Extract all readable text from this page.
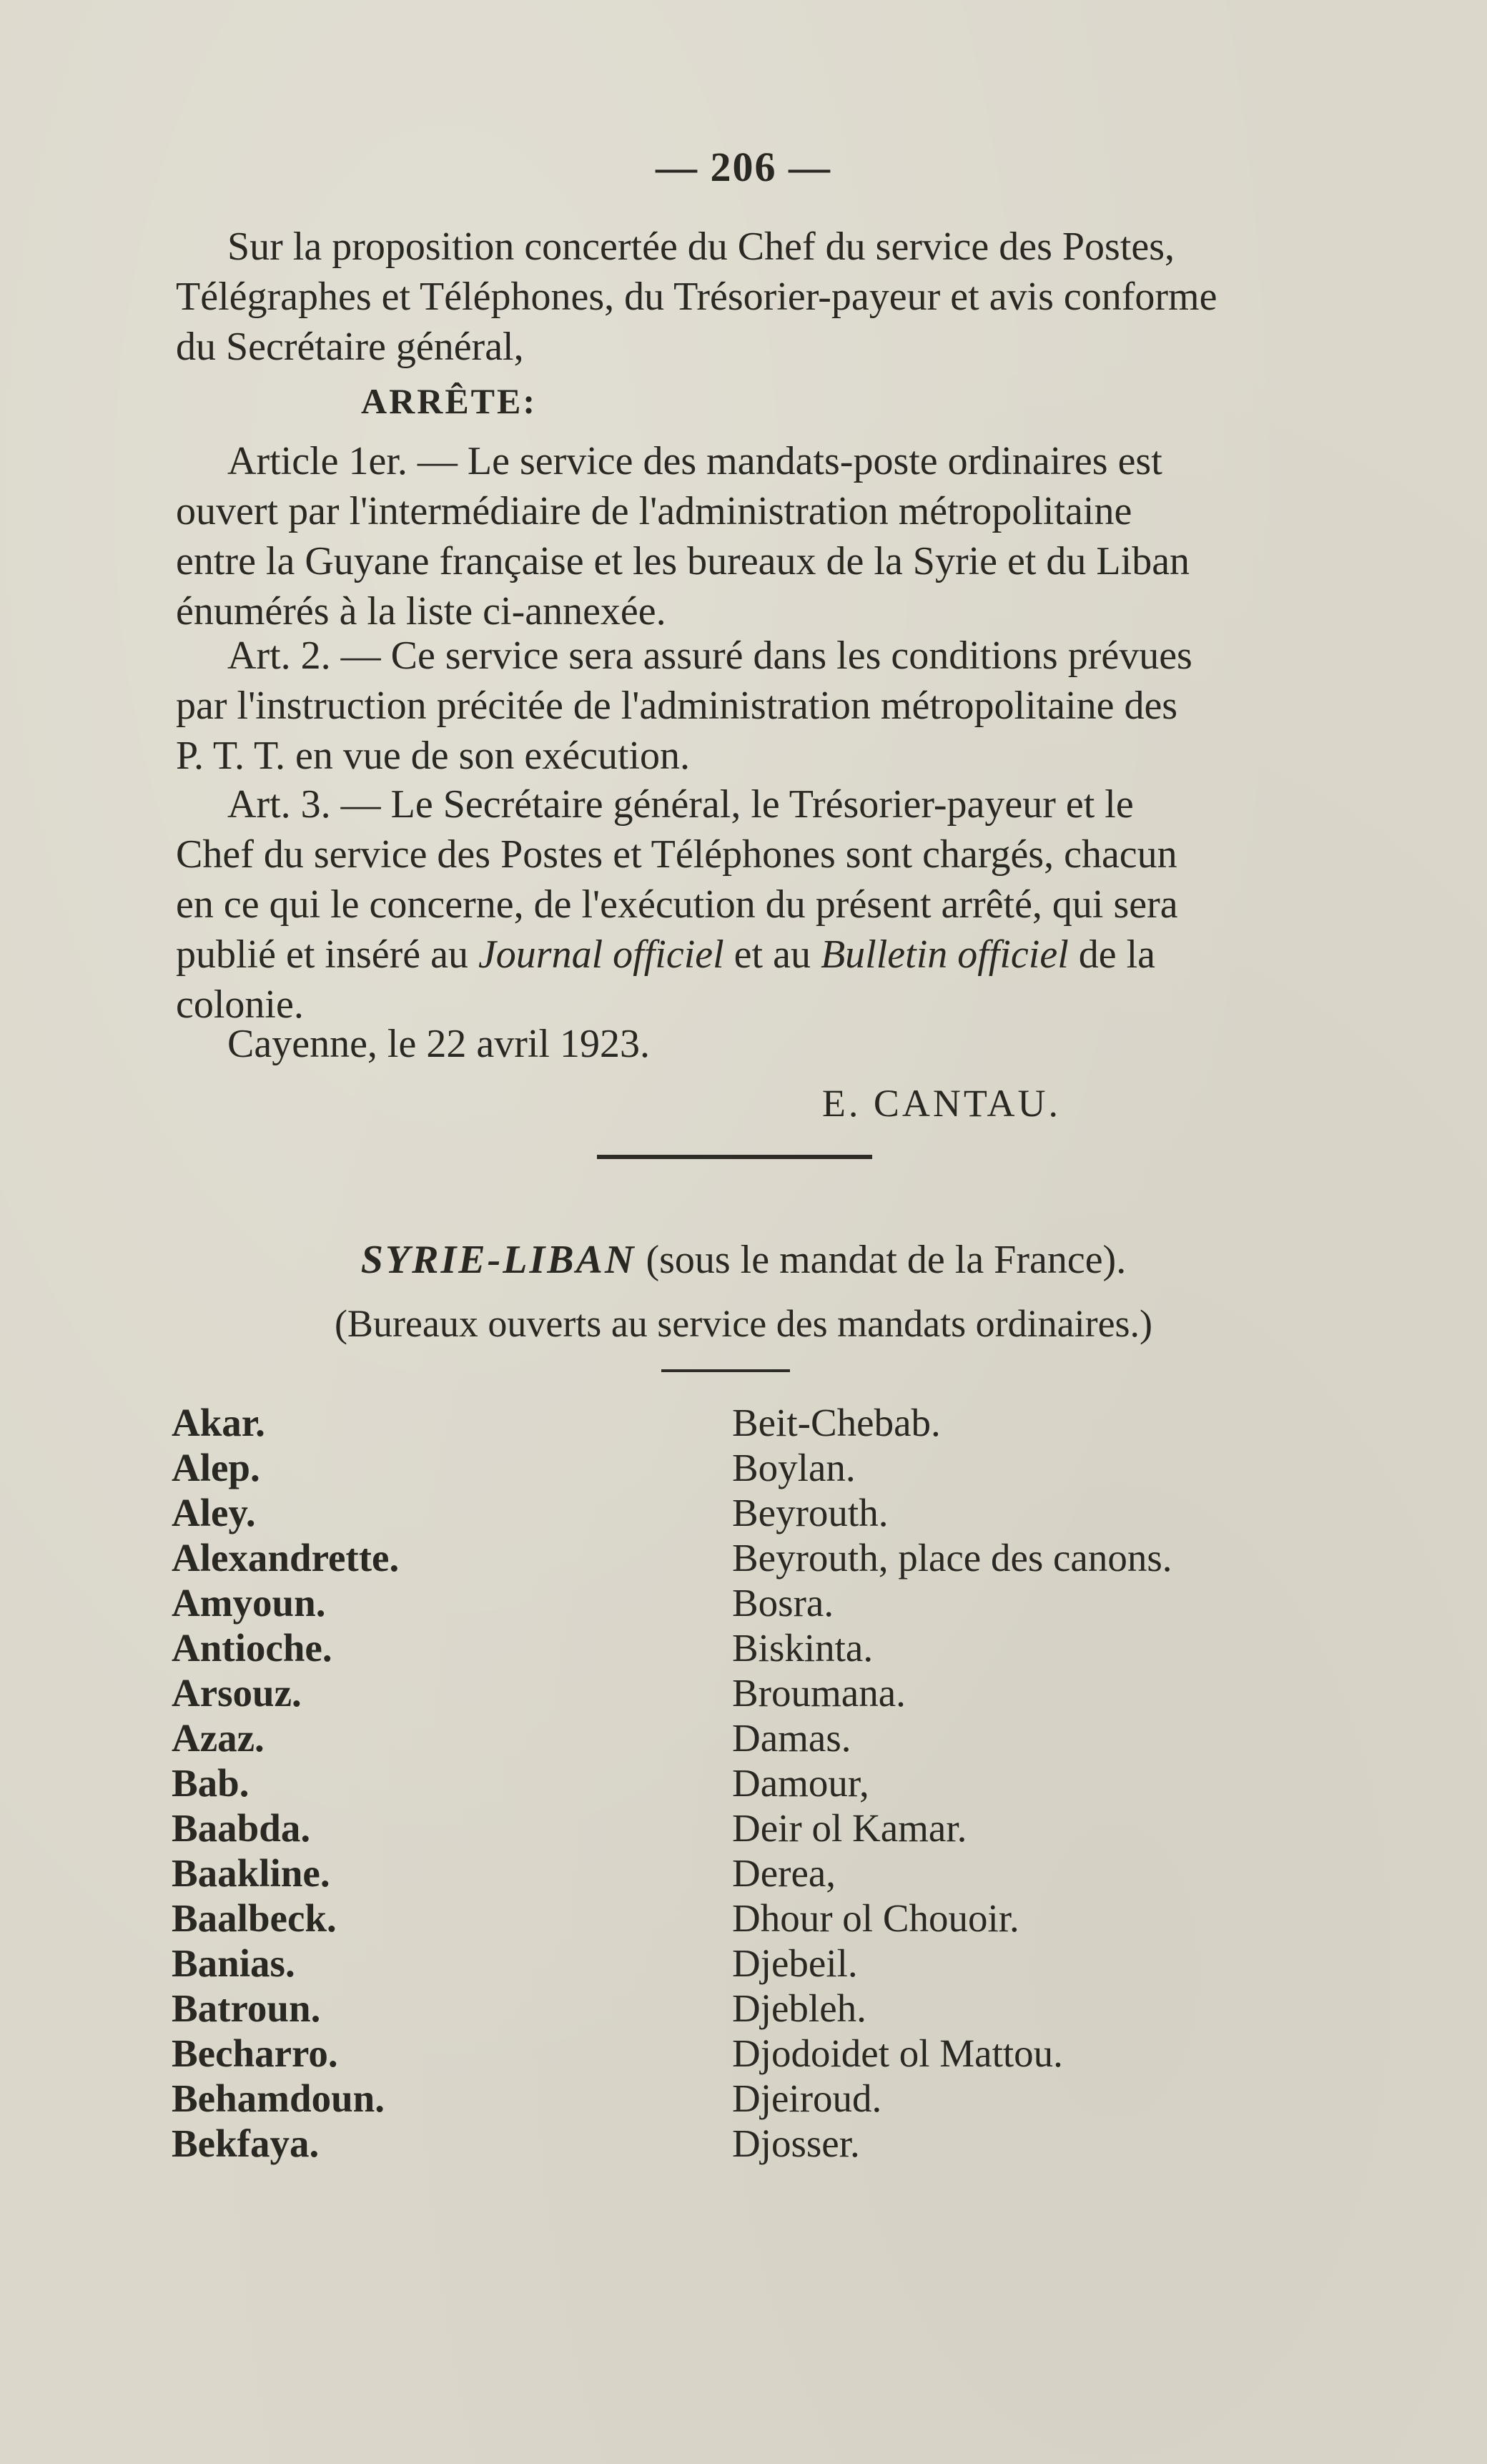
— 206 —

Sur la proposition concertée du Chef du service des Postes,
Télégraphes et Téléphones, du Trésorier-payeur et avis conforme
du Secrétaire général,

ARRÊTE:

Article 1er. — Le service des mandats-poste ordinaires est
ouvert par l'intermédiaire de l'administration métropolitaine
entre la Guyane française et les bureaux de la Syrie et du Liban
énumérés à la liste ci-annexée.

Art. 2. — Ce service sera assuré dans les conditions prévues
par l'instruction précitée de l'administration métropolitaine des
P. T. T. en vue de son exécution.

Art. 3. — Le Secrétaire général, le Trésorier-payeur et le
Chef du service des Postes et Téléphones sont chargés, chacun
en ce qui le concerne, de l'exécution du présent arrêté, qui sera
publié et inséré au Journal officiel et au Bulletin officiel de la
colonie.

Cayenne, le 22 avril 1923.

E. CANTAU.
SYRIE-LIBAN (sous le mandat de la France).
(Bureaux ouverts au service des mandats ordinaires.)
Akar.
Alep.
Aley.
Alexandrette.
Amyoun.
Antioche.
Arsouz.
Azaz.
Bab.
Baabda.
Baakline.
Baalbeck.
Banias.
Batroun.
Becharro.
Behamdoun.
Bekfaya.
Beit-Chebab.
Boylan.
Beyrouth.
Beyrouth, place des canons.
Bosra.
Biskinta.
Broumana.
Damas.
Damour,
Deir ol Kamar.
Derea,
Dhour ol Chouoir.
Djebeil.
Djebleh.
Djodoidet ol Mattou.
Djeiroud.
Djosser.
